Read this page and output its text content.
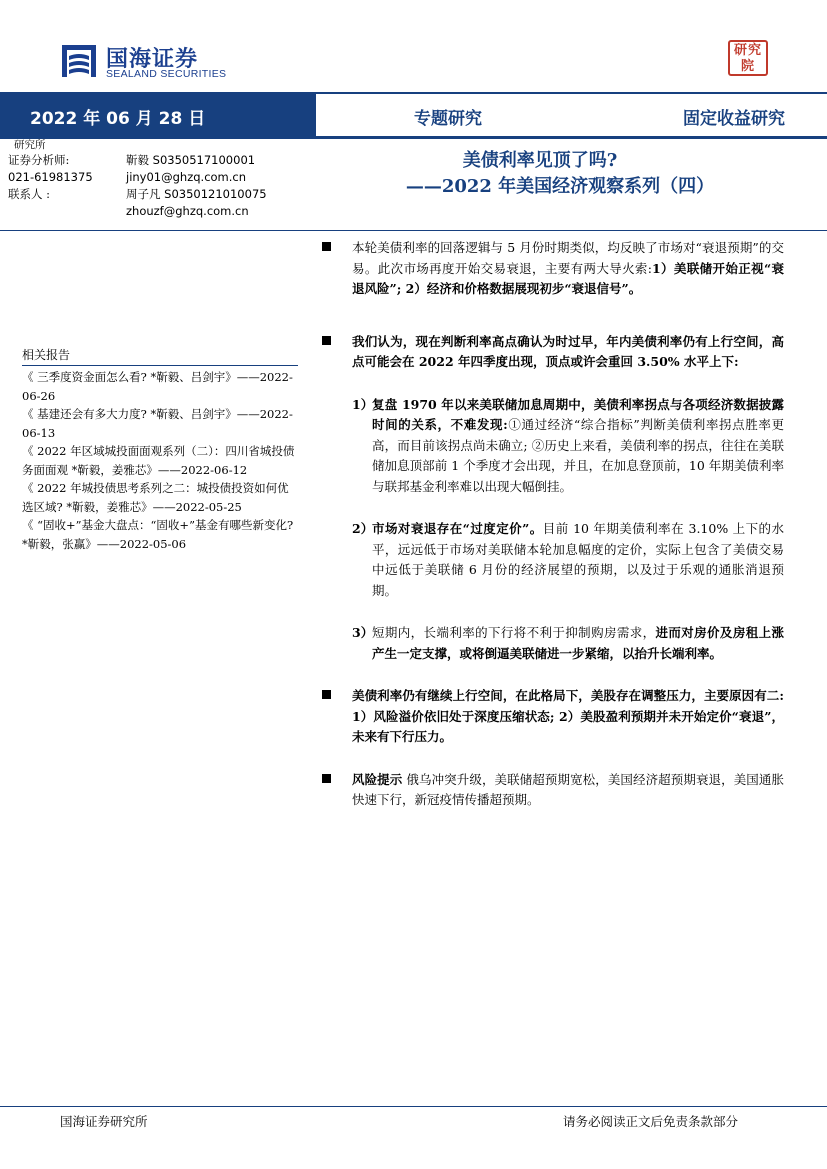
国海证券
SEALAND SECURITIES
研究院
2022 年 06 月 28 日	专题研究	固定收益研究
研究所
证券分析师:	靳毅 S0350517100001
021-61981375	jiny01@ghzq.com.cn
联系人 :	周子凡 S0350121010075
zhouzf@ghzq.com.cn
美债利率见顶了吗?
——2022 年美国经济观察系列（四）
相关报告

《 三季度资金面怎么看? *靳毅、吕剑宇》——2022-06-26

《 基建还会有多大力度? *靳毅、吕剑宇》——2022-06-13

《 2022 年区域城投面面观系列（二）：四川省城投债务面面观 *靳毅，姜雅芯》——2022-06-12

《 2022 年城投债思考系列之二：城投债投资如何优选区域? *靳毅，姜雅芯》——2022-05-25

《 “固收+”基金大盘点：“固收+”基金有哪些新变化? *靳毅，张赢》——2022-05-06

本轮美债利率的回落逻辑与 5 月份时期类似，均反映了市场对“衰退预期”的交易。此次市场再度开始交易衰退，主要有两大导火索:1）美联储开始正视“衰退风险”; 2）经济和价格数据展现初步“衰退信号”。
我们认为，现在判断利率高点确认为时过早，年内美债利率仍有上行空间，高点可能会在 2022 年四季度出现，顶点或许会重回 3.50% 水平上下:
1）
复盘 1970 年以来美联储加息周期中，美债利率拐点与各项经济数据披露时间的关系，不难发现:①通过经济“综合指标”判断美债利率拐点胜率更高，而目前该拐点尚未确立; ②历史上来看，美债利率的拐点，往往在美联储加息顶部前 1 个季度才会出现，并且，在加息登顶前，10 年期美债利率与联邦基金利率难以出现大幅倒挂。
2）
市场对衰退存在“过度定价”。目前 10 年期美债利率在 3.10% 上下的水平，远远低于市场对美联储本轮加息幅度的定价，实际上包含了美债交易中远低于美联储 6 月份的经济展望的预期，以及过于乐观的通胀消退预期。
3）
短期内，长端利率的下行将不利于抑制购房需求，进而对房价及房租上涨产生一定支撑，或将倒逼美联储进一步紧缩，以抬升长端利率。
美债利率仍有继续上行空间，在此格局下，美股存在调整压力，主要原因有二: 1）风险溢价依旧处于深度压缩状态; 2）美股盈利预期并未开始定价“衰退”，未来有下行压力。
风险提示 俄乌冲突升级，美联储超预期宽松，美国经济超预期衰退，美国通胀快速下行，新冠疫情传播超预期。
国海证券研究所	请务必阅读正文后免责条款部分
